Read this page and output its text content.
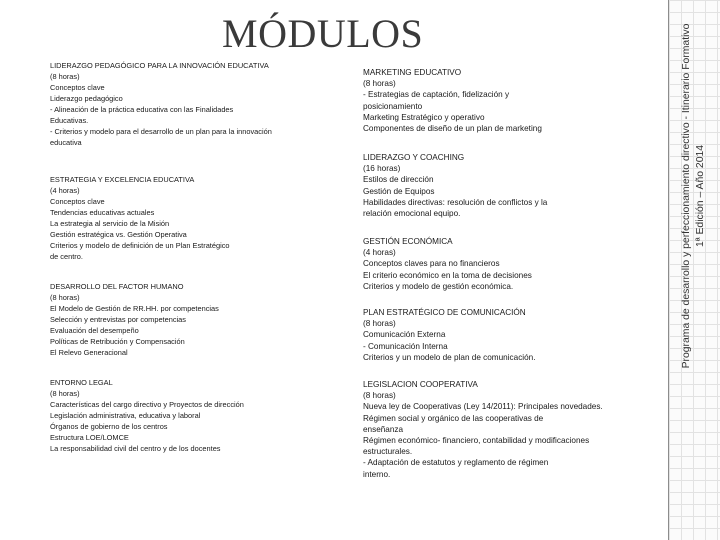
MÓDULOS
LIDERAZGO PEDAGÓGICO PARA LA INNOVACIÓN EDUCATIVA
(8 horas)
Conceptos clave
Liderazgo pedagógico
- Alineación de la práctica educativa con las Finalidades
Educativas.
- Criterios y modelo para el desarrollo de un plan para la innovación
educativa
ESTRATEGIA Y EXCELENCIA EDUCATIVA
(4 horas)
Conceptos clave
Tendencias educativas actuales
La estrategia al servicio de la Misión
Gestión estratégica vs. Gestión Operativa
Criterios y modelo de definición de un Plan Estratégico
de centro.
DESARROLLO DEL FACTOR HUMANO
(8 horas)
El Modelo de Gestión de RR.HH. por competencias
Selección y entrevistas por competencias
Evaluación del desempeño
Políticas de Retribución y Compensación
El Relevo Generacional
ENTORNO LEGAL
(8 horas)
Características del cargo directivo y Proyectos de dirección
Legislación administrativa, educativa y laboral
Órganos de gobierno de los centros
Estructura LOE/LOMCE
La responsabilidad civil del centro y de los docentes
MARKETING EDUCATIVO
(8 horas)
- Estrategias de captación, fidelización y
posicionamiento
Marketing Estratégico y operativo
Componentes de diseño de un plan de marketing
LIDERAZGO Y COACHING
(16 horas)
Estilos de dirección
Gestión de Equipos
Habilidades directivas: resolución de conflictos y la
relación emocional equipo.
GESTIÓN ECONÓMICA
(4 horas)
Conceptos claves para no financieros
El criterio económico en la toma de decisiones
Criterios y modelo de gestión económica.
PLAN ESTRATÉGICO DE COMUNICACIÓN
(8 horas)
Comunicación Externa
- Comunicación Interna
Criterios y un modelo de plan de comunicación.
LEGISLACION COOPERATIVA
(8 horas)
Nueva ley de Cooperativas (Ley 14/2011): Principales novedades.
Régimen social y orgánico de las cooperativas de
enseñanza
Régimen económico- financiero, contabilidad y modificaciones
estructurales.
- Adaptación de estatutos y reglamento de régimen
interno.
Programa de desarrollo y perfeccionamiento directivo - Itinerario Formativo 1ª Edición – Año 2014
